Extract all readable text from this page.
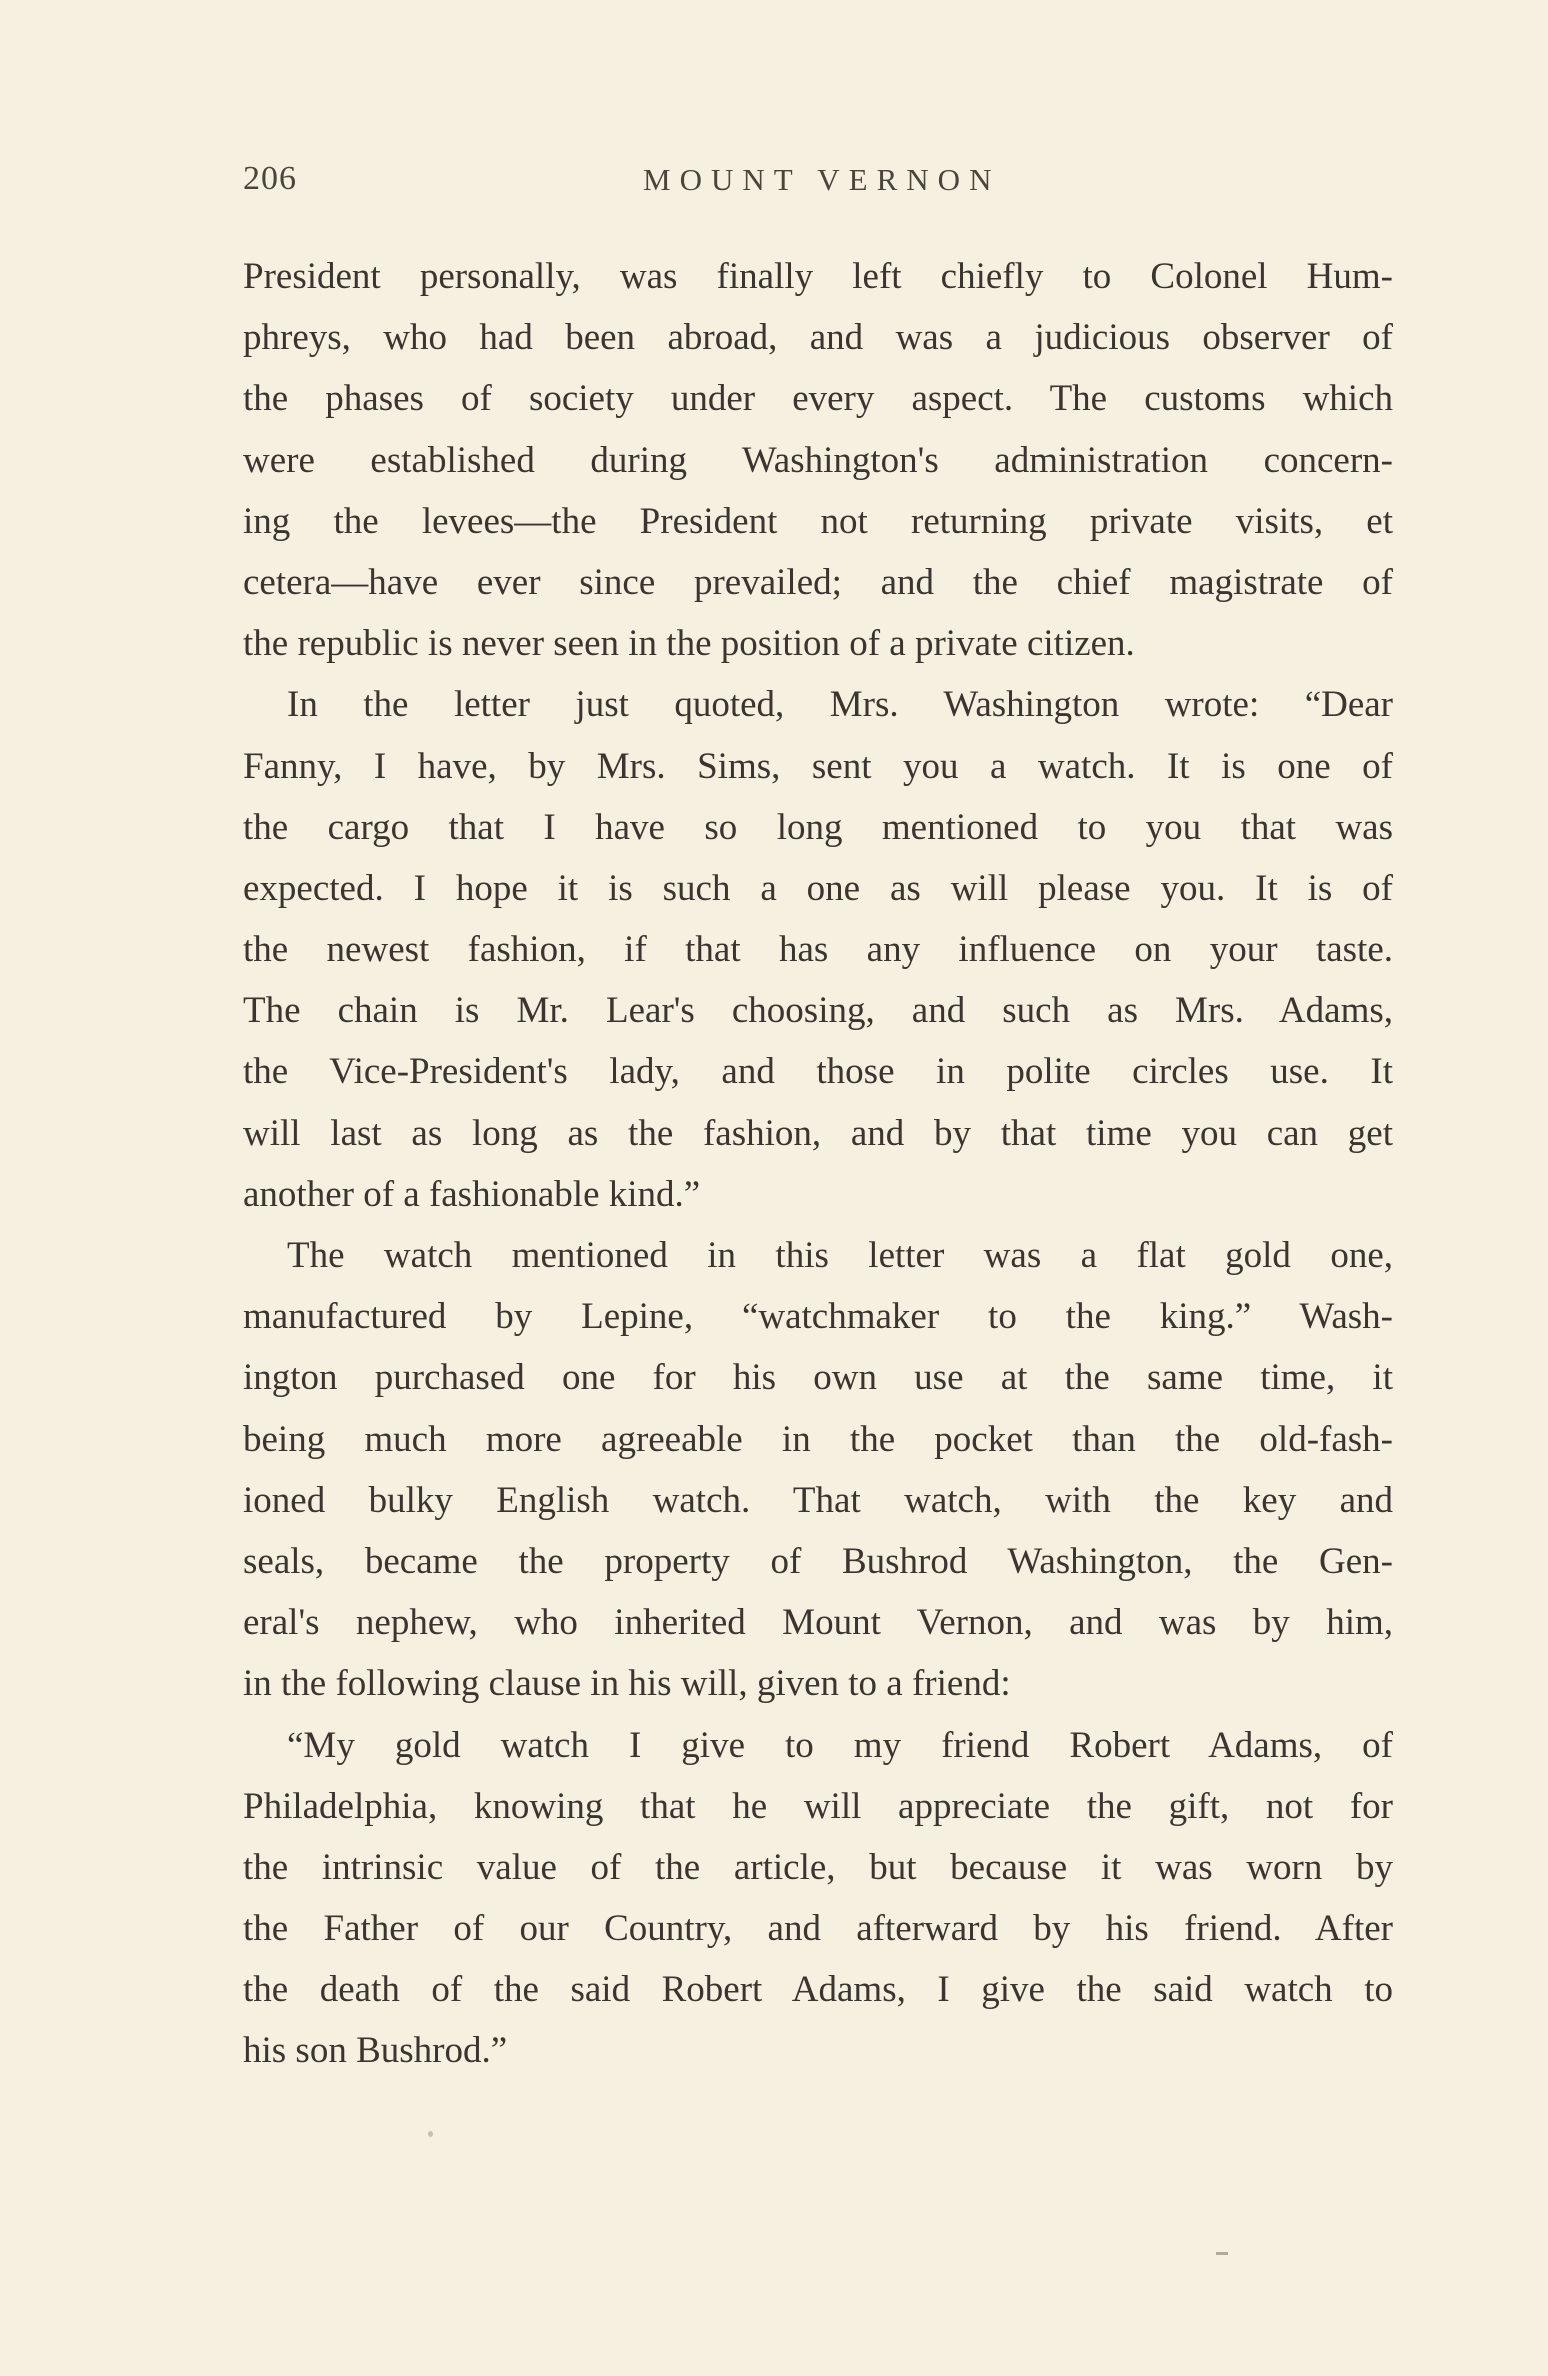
206	MOUNT VERNON
President personally, was finally left chiefly to Colonel Hum-
phreys, who had been abroad, and was a judicious observer of
the phases of society under every aspect. The customs which
were established during Washington's administration concern-
ing the levees—the President not returning private visits, et
cetera—have ever since prevailed; and the chief magistrate of
the republic is never seen in the position of a private citizen.
In the letter just quoted, Mrs. Washington wrote: “Dear
Fanny, I have, by Mrs. Sims, sent you a watch. It is one of
the cargo that I have so long mentioned to you that was
expected. I hope it is such a one as will please you. It is of
the newest fashion, if that has any influence on your taste.
The chain is Mr. Lear's choosing, and such as Mrs. Adams,
the Vice-President's lady, and those in polite circles use. It
will last as long as the fashion, and by that time you can get
another of a fashionable kind.”
The watch mentioned in this letter was a flat gold one,
manufactured by Lepine, “watchmaker to the king.” Wash-
ington purchased one for his own use at the same time, it
being much more agreeable in the pocket than the old-fash-
ioned bulky English watch. That watch, with the key and
seals, became the property of Bushrod Washington, the Gen-
eral's nephew, who inherited Mount Vernon, and was by him,
in the following clause in his will, given to a friend:
“My gold watch I give to my friend Robert Adams, of
Philadelphia, knowing that he will appreciate the gift, not for
the intrinsic value of the article, but because it was worn by
the Father of our Country, and afterward by his friend. After
the death of the said Robert Adams, I give the said watch to
his son Bushrod.”
